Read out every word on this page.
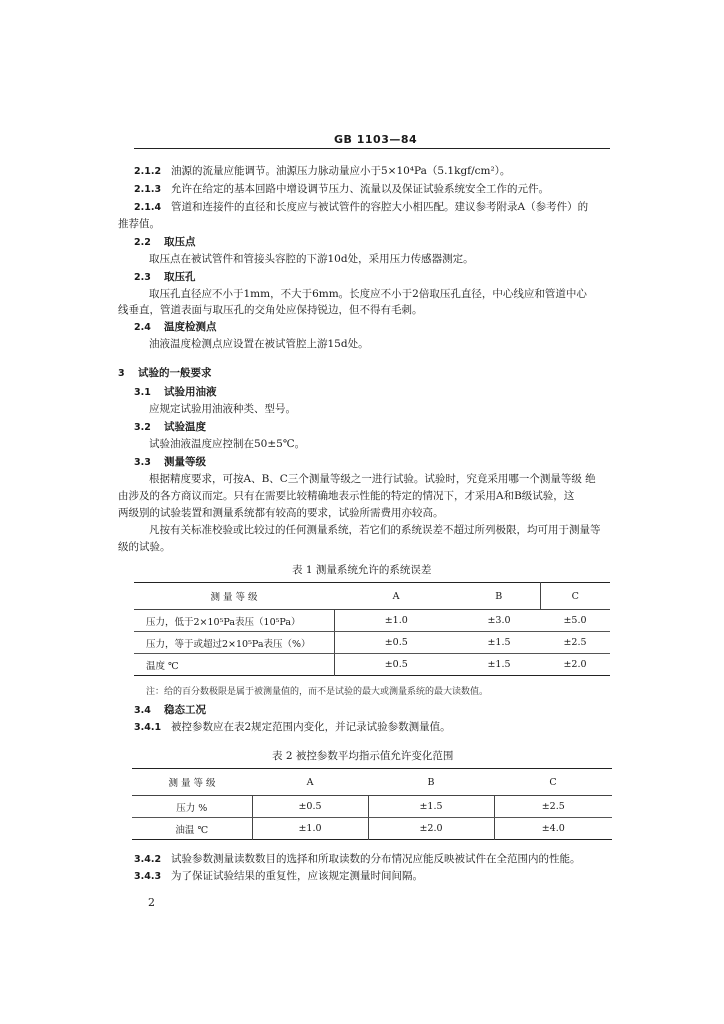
GB 1103—84
2.1.2 油源的流量应能调节。油源压力脉动量应小于5×10⁴Pa（5.1kgf/cm²）。
2.1.3 允许在给定的基本回路中增设调节压力、流量以及保证试验系统安全工作的元件。
2.1.4 管道和连接件的直径和长度应与被试管件的容腔大小相匹配。建议参考附录A（参考件）的
推荐值。
2.2 取压点
取压点在被试管件和管接头容腔的下游10d处，采用压力传感器测定。
2.3 取压孔
取压孔直径应不小于1mm，不大于6mm。长度应不小于2倍取压孔直径，中心线应和管道中心
线垂直，管道表面与取压孔的交角处应保持锐边，但不得有毛刺。
2.4 温度检测点
油液温度检测点应设置在被试管腔上游15d处。
3 试验的一般要求
3.1 试验用油液
应规定试验用油液种类、型号。
3.2 试验温度
试验油液温度应控制在50±5℃。
3.3 测量等级
根据精度要求，可按A、B、C三个测量等级之一进行试验。试验时，究竟采用哪一个测量等级 绝
由涉及的各方商议而定。只有在需要比较精确地表示性能的特定的情况下，才采用A和B级试验，这
两级别的试验装置和测量系统都有较高的要求，试验所需费用亦较高。
凡按有关标准校验或比较过的任何测量系统，若它们的系统误差不超过所列极限，均可用于测量等
级的试验。
表 1 测量系统允许的系统误差
测 量 等 级	A	B	C
压力，低于2×10⁵Pa表压（10⁵Pa）	±1.0	±3.0	±5.0
压力，等于或超过2×10⁵Pa表压（%）	±0.5	±1.5	±2.5
温度 ℃	±0.5	±1.5	±2.0
注：给的百分数极限是属于被测量值的，而不是试验的最大或测量系统的最大读数值。
3.4 稳态工况
3.4.1 被控参数应在表2规定范围内变化，并记录试验参数测量值。
表 2 被控参数平均指示值允许变化范围
测 量 等 级	A	B	C
压力 %	±0.5	±1.5	±2.5
油温 ℃	±1.0	±2.0	±4.0
3.4.2 试验参数测量读数数目的选择和所取读数的分布情况应能反映被试件在全范围内的性能。
3.4.3 为了保证试验结果的重复性，应该规定测量时间间隔。
2
